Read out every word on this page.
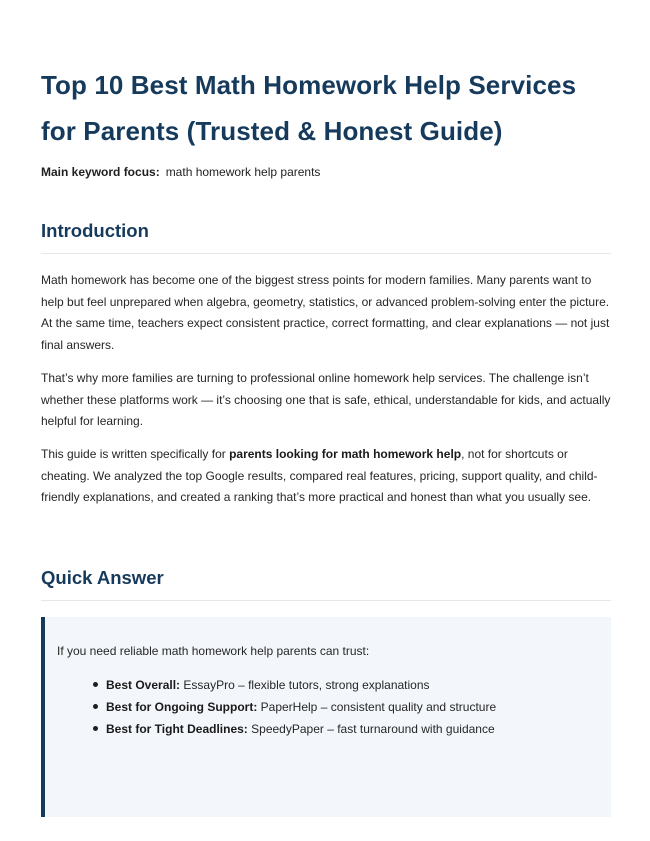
Top 10 Best Math Homework Help Services for Parents (Trusted & Honest Guide)
Main keyword focus: math homework help parents
Introduction

Math homework has become one of the biggest stress points for modern families. Many parents want to help but feel unprepared when algebra, geometry, statistics, or advanced problem-solving enter the picture. At the same time, teachers expect consistent practice, correct formatting, and clear explanations — not just final answers.

That’s why more families are turning to professional online homework help services. The challenge isn’t whether these platforms work — it’s choosing one that is safe, ethical, understandable for kids, and actually helpful for learning.

This guide is written specifically for parents looking for math homework help, not for shortcuts or cheating. We analyzed the top Google results, compared real features, pricing, support quality, and child-friendly explanations, and created a ranking that’s more practical and honest than what you usually see.

Quick Answer
If you need reliable math homework help parents can trust:
Best Overall: EssayPro – flexible tutors, strong explanations
Best for Ongoing Support: PaperHelp – consistent quality and structure
Best for Tight Deadlines: SpeedyPaper – fast turnaround with guidance
